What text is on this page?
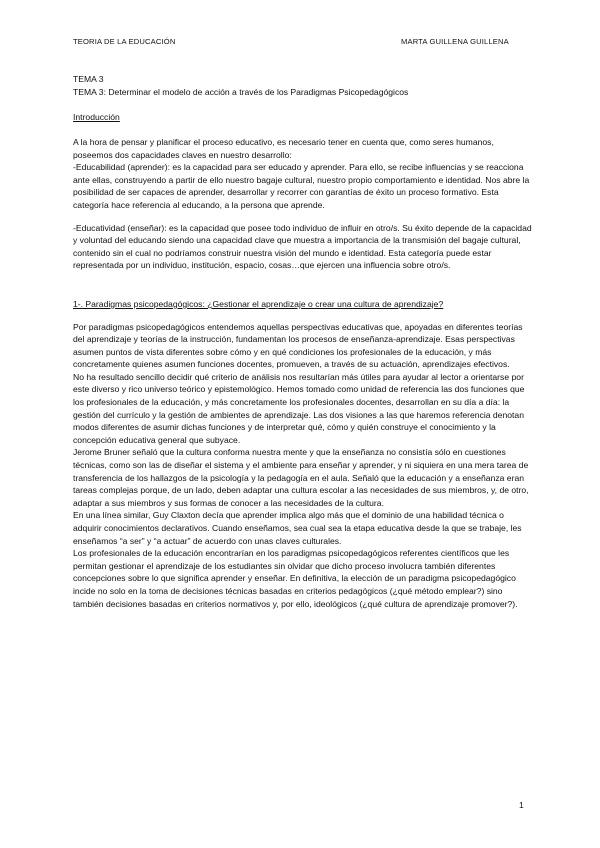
TEORIA DE LA EDUCACIÓN	MARTA GUILLENA GUILLENA

TEMA 3

TEMA 3: Determinar el modelo de acción a través de los Paradigmas Psicopedagógicos

Introducción

A la hora de pensar y planificar el proceso educativo, es necesario tener en cuenta que, como seres humanos, poseemos dos capacidades claves en nuestro desarrollo:

-Educabilidad (aprender): es la capacidad para ser educado y aprender. Para ello, se recibe influencias y se reacciona ante ellas, construyendo a partir de ello nuestro bagaje cultural, nuestro propio comportamiento e identidad. Nos abre la posibilidad de ser capaces de aprender, desarrollar y recorrer con garantías de éxito un proceso formativo. Esta categoría hace referencia al educando, a la persona que aprende.

-Educatividad (enseñar): es la capacidad que posee todo individuo de influir en otro/s. Su éxito depende de la capacidad y voluntad del educando siendo una capacidad clave que muestra a importancia de la transmisión del bagaje cultural, contenido sin el cual no podríamos construir nuestra visión del mundo e identidad. Esta categoría puede estar representada por un individuo, institución, espacio, cosas…que ejercen una influencia sobre otro/s.

1-. Paradigmas psicopedagógicos: ¿Gestionar el aprendizaje o crear una cultura de aprendizaje?

Por paradigmas psicopedagógicos entendemos aquellas perspectivas educativas que, apoyadas en diferentes teorías del aprendizaje y teorías de la instrucción, fundamentan los procesos de enseñanza-aprendizaje. Esas perspectivas asumen puntos de vista diferentes sobre cómo y en qué condiciones los profesionales de la educación, y más concretamente quienes asumen funciones docentes, promueven, a través de su actuación, aprendizajes efectivos.

No ha resultado sencillo decidir qué criterio de análisis nos resultarían más útiles para ayudar al lector a orientarse por este diverso y rico universo teórico y epistemológico. Hemos tomado como unidad de referencia las dos funciones que los profesionales de la educación, y más concretamente los profesionales docentes, desarrollan en su día a día: la gestión del currículo y la gestión de ambientes de aprendizaje. Las dos visiones a las que haremos referencia denotan modos diferentes de asumir dichas funciones y de interpretar qué, cómo y quién construye el conocimiento y la concepción educativa general que subyace.

Jerome Bruner señaló que la cultura conforma nuestra mente y que la enseñanza no consistía sólo en cuestiones técnicas, como son las de diseñar el sistema y el ambiente para enseñar y aprender, y ni siquiera en una mera tarea de transferencia de los hallazgos de la psicología y la pedagogía en el aula. Señaló que la educación y a enseñanza eran tareas complejas porque, de un lado, deben adaptar una cultura escolar a las necesidades de sus miembros, y, de otro, adaptar a sus miembros y sus formas de conocer a las necesidades de la cultura.

En una línea similar, Guy Claxton decía que aprender implica algo más que el dominio de una habilidad técnica o adquirir conocimientos declarativos. Cuando enseñamos, sea cual sea la etapa educativa desde la que se trabaje, les enseñamos “a ser” y “a actuar” de acuerdo con unas claves culturales.

Los profesionales de la educación encontrarían en los paradigmas psicopedagógicos referentes científicos que les permitan gestionar el aprendizaje de los estudiantes sin olvidar que dicho proceso involucra también diferentes concepciones sobre lo que significa aprender y enseñar. En definitiva, la elección de un paradigma psicopedagógico incide no solo en la toma de decisiones técnicas basadas en criterios pedagógicos (¿qué método emplear?) sino también decisiones basadas en criterios normativos y, por ello, ideológicos (¿qué cultura de aprendizaje promover?).

1
